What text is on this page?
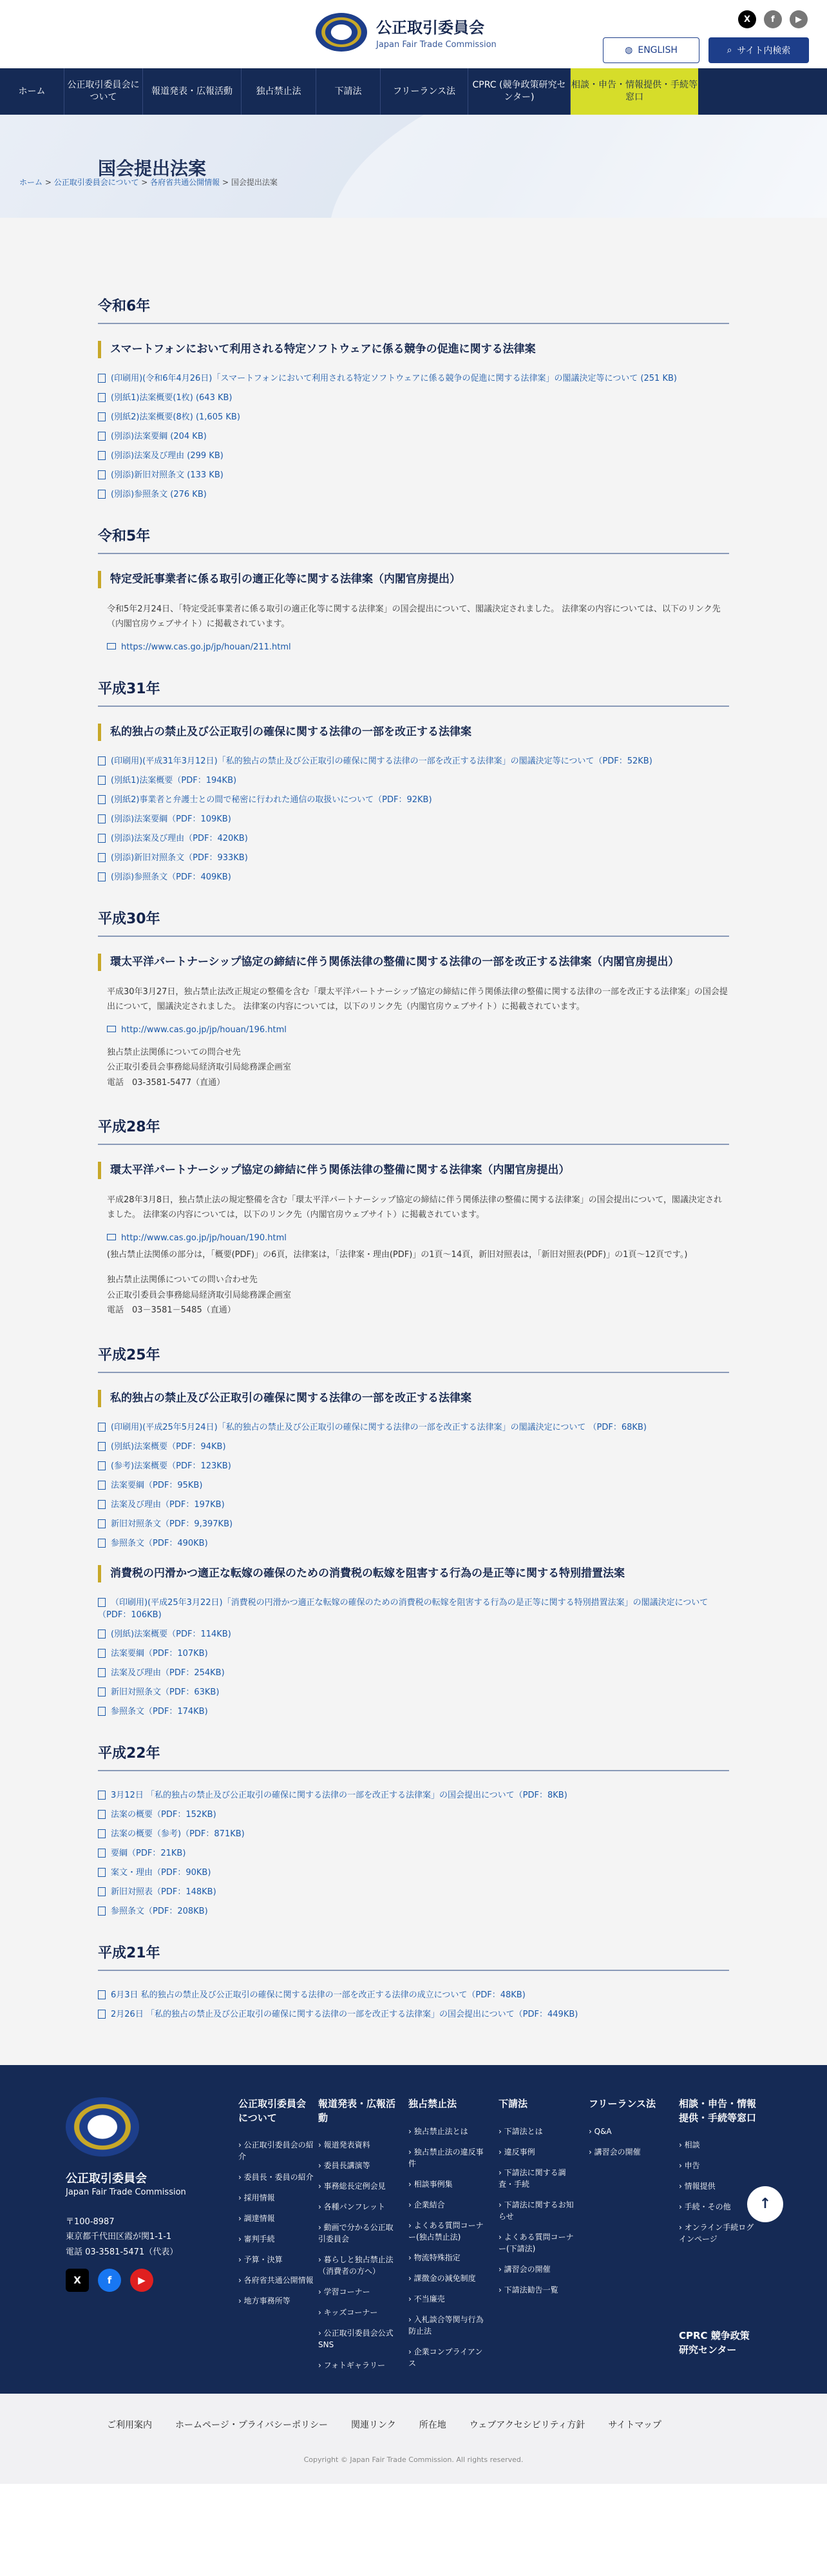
公正取引委員会
Japan Fair Trade Commission
X	f	▶
◍ ENGLISH	⌕ サイト内検索
ホーム
公正取引委員会について
報道発表・広報活動	独占禁止法	下請法	フリーランス法
CPRC (競争政策研究センター)
相談・申告・情報提供・手続等窓口
ホーム > 公正取引委員会について > 各府省共通公開情報 > 国会提出法案
国会提出法案
令和6年
スマートフォンにおいて利用される特定ソフトウェアに係る競争の促進に関する法律案
(印刷用)(令和6年4月26日)「スマートフォンにおいて利用される特定ソフトウェアに係る競争の促進に関する法律案」の閣議決定等について (251 KB)
(別紙1)法案概要(1枚) (643 KB)
(別紙2)法案概要(8枚) (1,605 KB)
(別添)法案要綱 (204 KB)
(別添)法案及び理由 (299 KB)
(別添)新旧対照条文 (133 KB)
(別添)参照条文 (276 KB)
令和5年
特定受託事業者に係る取引の適正化等に関する法律案（内閣官房提出）
令和5年2月24日、「特定受託事業者に係る取引の適正化等に関する法律案」の国会提出について、閣議決定されました。 法律案の内容については、以下のリンク先（内閣官房ウェブサイト）に掲載されています。
https://www.cas.go.jp/jp/houan/211.html
平成31年
私的独占の禁止及び公正取引の確保に関する法律の一部を改正する法律案
(印刷用)(平成31年3月12日)「私的独占の禁止及び公正取引の確保に関する法律の一部を改正する法律案」の閣議決定等について（PDF：52KB)
(別紙1)法案概要（PDF：194KB)
(別紙2)事業者と弁護士との間で秘密に行われた通信の取扱いについて（PDF：92KB)
(別添)法案要綱（PDF：109KB)
(別添)法案及び理由（PDF：420KB)
(別添)新旧対照条文（PDF：933KB)
(別添)参照条文（PDF：409KB)
平成30年
環太平洋パートナーシップ協定の締結に伴う関係法律の整備に関する法律の一部を改正する法律案（内閣官房提出）
平成30年3月27日，独占禁止法改正規定の整備を含む「環太平洋パートナーシップ協定の締結に伴う関係法律の整備に関する法律の一部を改正する法律案」の国会提出について，閣議決定されました。 法律案の内容については，以下のリンク先（内閣官房ウェブサイト）に掲載されています。
http://www.cas.go.jp/jp/houan/196.html
独占禁止法関係についての問合せ先
公正取引委員会事務総局経済取引局総務課企画室
電話　03-3581-5477（直通）
平成28年
環太平洋パートナーシップ協定の締結に伴う関係法律の整備に関する法律案（内閣官房提出）
平成28年3月8日，独占禁止法の規定整備を含む「環太平洋パートナーシップ協定の締結に伴う関係法律の整備に関する法律案」の国会提出について，閣議決定されました。 法律案の内容については，以下のリンク先（内閣官房ウェブサイト）に掲載されています。
http://www.cas.go.jp/jp/houan/190.html
(独占禁止法関係の部分は，「概要(PDF)」の6頁，法律案は，「法律案・理由(PDF)」の1頁～14頁，新旧対照表は，「新旧対照表(PDF)」の1頁～12頁です。)
独占禁止法関係についての問い合わせ先
公正取引委員会事務総局経済取引局総務課企画室
電話　03－3581－5485（直通）
平成25年
私的独占の禁止及び公正取引の確保に関する法律の一部を改正する法律案
(印刷用)(平成25年5月24日)「私的独占の禁止及び公正取引の確保に関する法律の一部を改正する法律案」の閣議決定について （PDF：68KB)
(別紙)法案概要（PDF：94KB)
(参考)法案概要（PDF：123KB)
法案要綱（PDF：95KB)
法案及び理由（PDF：197KB)
新旧対照条文（PDF：9,397KB)
参照条文（PDF：490KB)
消費税の円滑かつ適正な転嫁の確保のための消費税の転嫁を阻害する行為の是正等に関する特別措置法案
（印刷用)(平成25年3月22日)「消費税の円滑かつ適正な転嫁の確保のための消費税の転嫁を阻害する行為の是正等に関する特別措置法案」の閣議決定について（PDF：106KB)
(別紙)法案概要（PDF：114KB)
法案要綱（PDF：107KB)
法案及び理由（PDF：254KB)
新旧対照条文（PDF：63KB)
参照条文（PDF：174KB)
平成22年
3月12日 「私的独占の禁止及び公正取引の確保に関する法律の一部を改正する法律案」の国会提出について（PDF：8KB)
法案の概要（PDF：152KB)
法案の概要（参考)（PDF：871KB)
要綱（PDF：21KB)
案文・理由（PDF：90KB)
新旧対照表（PDF：148KB)
参照条文（PDF：208KB)
平成21年
6月3日 私的独占の禁止及び公正取引の確保に関する法律の一部を改正する法律の成立について（PDF：48KB)
2月26日 「私的独占の禁止及び公正取引の確保に関する法律の一部を改正する法律案」の国会提出について（PDF：449KB)
公正取引委員会
Japan Fair Trade Commission
〒100-8987
東京都千代田区霞が関1-1-1
電話 03-3581-5471（代表）
X	f	▶
公正取引委員会について
› 公正取引委員会の紹介
› 委員長・委員の紹介
› 採用情報
› 調達情報
› 審判手続
› 予算・決算
› 各府省共通公開情報
› 地方事務所等
報道発表・広報活動
› 報道発表資料
› 委員長講演等
› 事務総長定例会見
› 各種パンフレット
› 動画で分かる公正取引委員会
› 暮らしと独占禁止法（消費者の方へ）
› 学習コーナー
› キッズコーナー
› 公正取引委員会公式SNS
› フォトギャラリー
独占禁止法
› 独占禁止法とは
› 独占禁止法の違反事件
› 相談事例集
› 企業結合
› よくある質問コーナー(独占禁止法)
› 物流特殊指定
› 課徴金の減免制度
› 不当廉売
› 入札談合等関与行為防止法
› 企業コンプライアンス
下請法
› 下請法とは
› 違反事例
› 下請法に関する調査・手続
› 下請法に関するお知らせ
› よくある質問コーナー(下請法)
› 講習会の開催
› 下請法勧告一覧
フリーランス法
› Q&A
› 講習会の開催
相談・申告・情報提供・手続等窓口
› 相談
› 申告
› 情報提供
› 手続・その他
› オンライン手続ログインページ
CPRC 競争政策研究センター
↑
ご利用案内	ホームページ・プライバシーポリシー	関連リンク	所在地	ウェブアクセシビリティ方針	サイトマップ
Copyright © Japan Fair Trade Commission. All rights reserved.
